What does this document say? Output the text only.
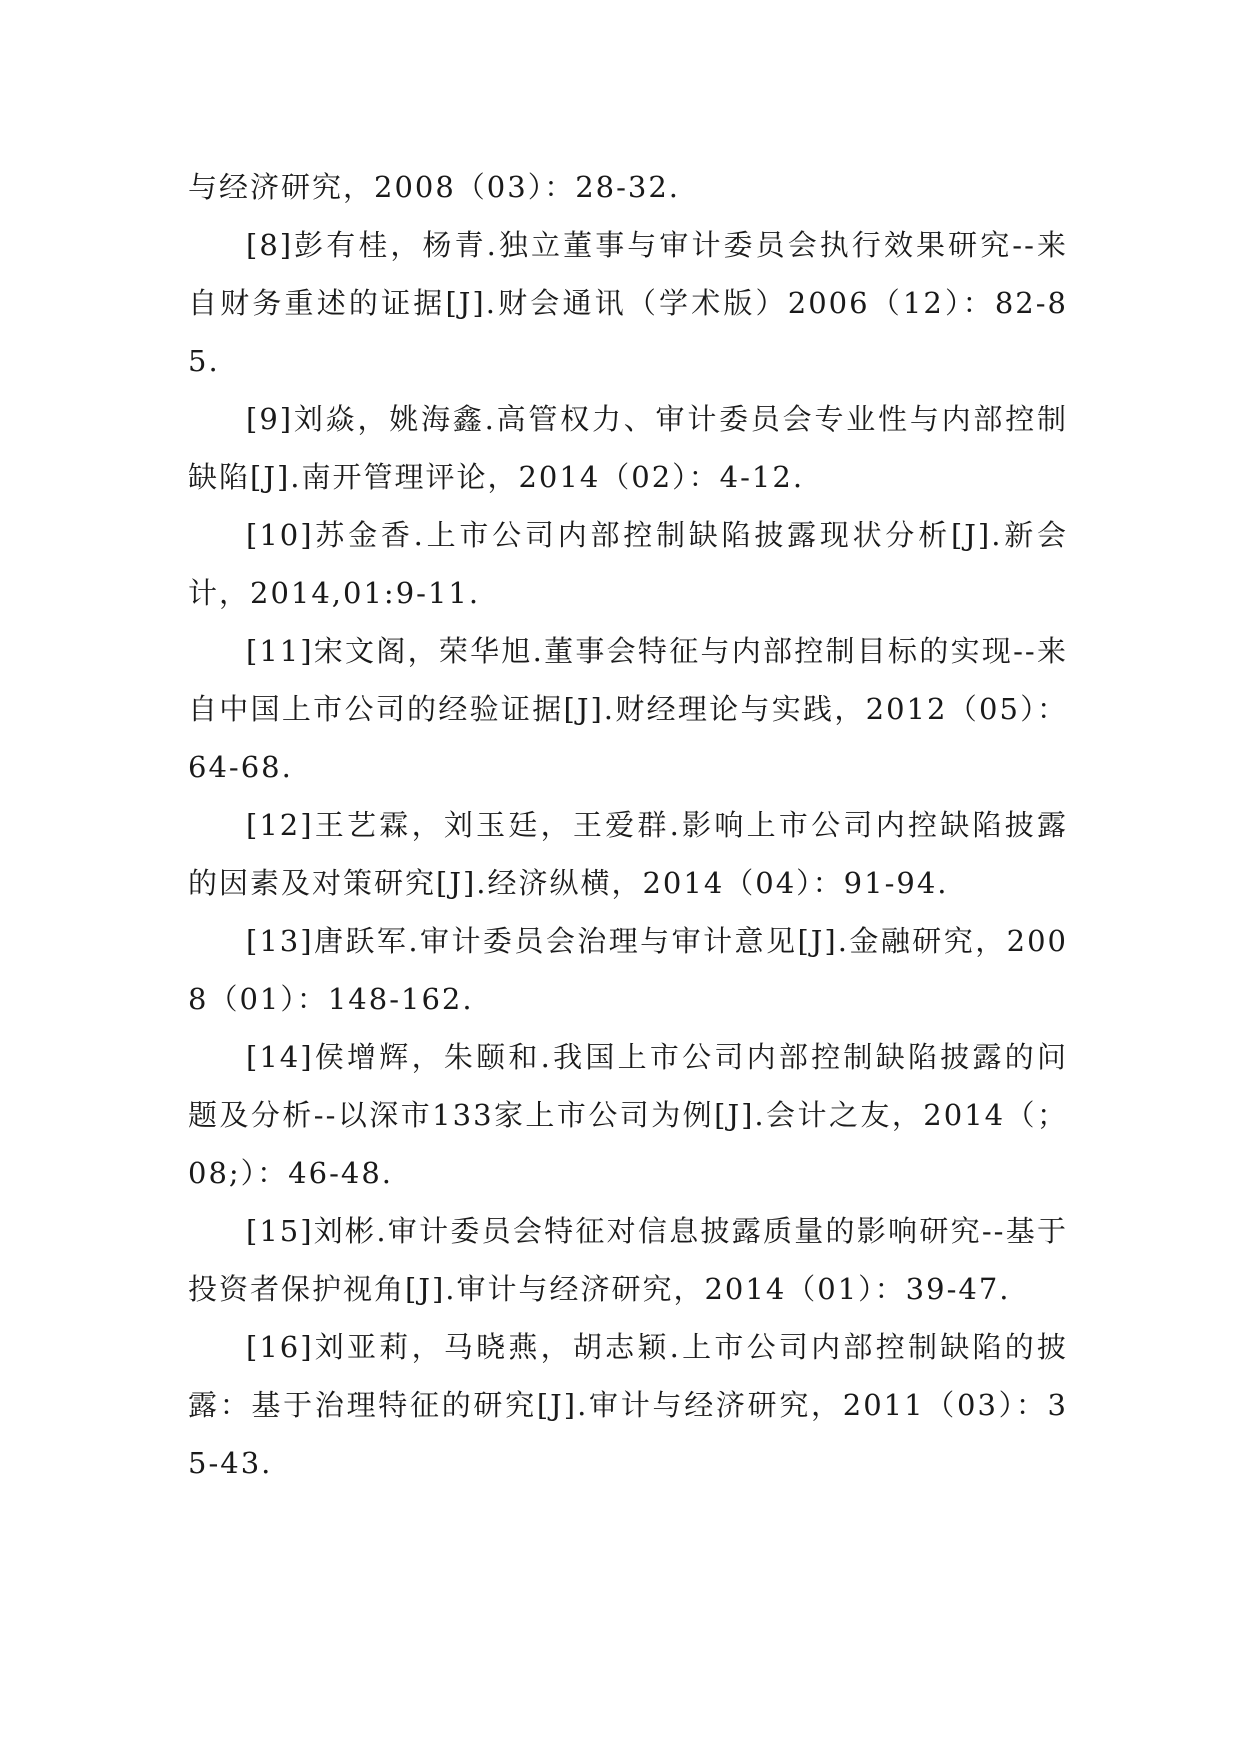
与经济研究，2008（03）：28-32.

[8]彭有桂，杨青.独立董事与审计委员会执行效果研究--来自财务重述的证据[J].财会通讯（学术版）2006（12）：82-85.

[9]刘焱，姚海鑫.高管权力、审计委员会专业性与内部控制缺陷[J].南开管理评论，2014（02）：4-12.

[10]苏金香.上市公司内部控制缺陷披露现状分析[J].新会计，2014,01:9-11.

[11]宋文阁，荣华旭.董事会特征与内部控制目标的实现--来自中国上市公司的经验证据[J].财经理论与实践，2012（05）：64-68.

[12]王艺霖，刘玉廷，王爱群.影响上市公司内控缺陷披露的因素及对策研究[J].经济纵横，2014（04）：91-94.

[13]唐跃军.审计委员会治理与审计意见[J].金融研究，2008（01）：148-162.

[14]侯增辉，朱颐和.我国上市公司内部控制缺陷披露的问题及分析--以深市133家上市公司为例[J].会计之友，2014（；08;）：46-48.

[15]刘彬.审计委员会特征对信息披露质量的影响研究--基于投资者保护视角[J].审计与经济研究，2014（01）：39-47.

[16]刘亚莉，马晓燕，胡志颖.上市公司内部控制缺陷的披露：基于治理特征的研究[J].审计与经济研究，2011（03）：35-43.
